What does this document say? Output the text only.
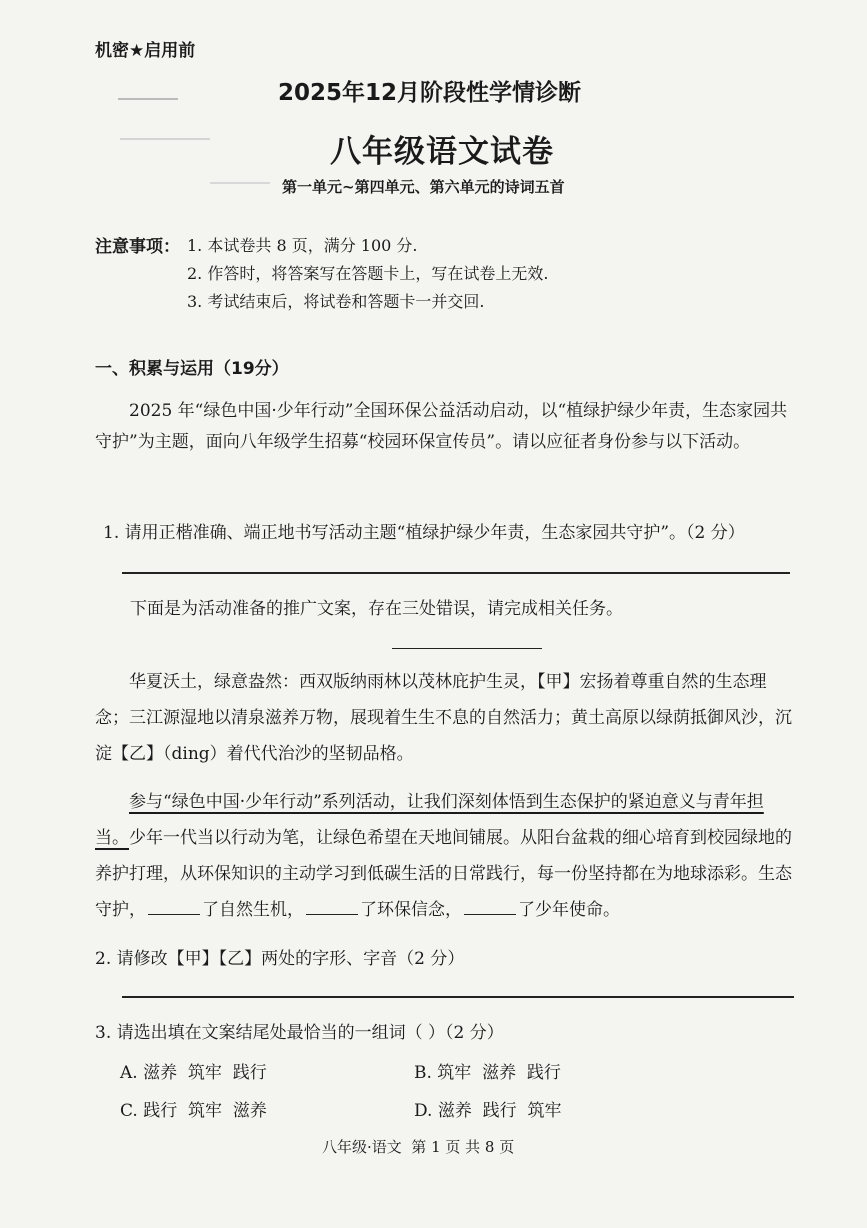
机密★启用前
2025年12月阶段性学情诊断
八年级语文试卷
第一单元~第四单元、第六单元的诗词五首
注意事项： 1. 本试卷共 8 页，满分 100 分.
2. 作答时，将答案写在答题卡上，写在试卷上无效.
3. 考试结束后，将试卷和答题卡一并交回.
一、积累与运用（19分）
2025 年“绿色中国·少年行动”全国环保公益活动启动，以“植绿护绿少年责，生态家园共守护”为主题，面向八年级学生招募“校园环保宣传员”。请以应征者身份参与以下活动。
1. 请用正楷准确、端正地书写活动主题“植绿护绿少年责，生态家园共守护”。（2 分）
下面是为活动准备的推广文案，存在三处错误，请完成相关任务。
华夏沃土，绿意盎然：西双版纳雨林以茂林庇护生灵，【甲】宏扬着尊重自然的生态理念；三江源湿地以清泉滋养万物，展现着生生不息的自然活力；黄土高原以绿荫抵御风沙，沉淀【乙】（ding）着代代治沙的坚韧品格。
参与“绿色中国·少年行动”系列活动，让我们深刻体悟到生态保护的紧迫意义与青年担当。少年一代当以行动为笔，让绿色希望在天地间铺展。从阳台盆栽的细心培育到校园绿地的养护打理，从环保知识的主动学习到低碳生活的日常践行，每一份坚持都在为地球添彩。生态守护，	了自然生机，	了环保信念，	了少年使命。
2. 请修改【甲】【乙】两处的字形、字音（2 分）
3. 请选出填在文案结尾处最恰当的一组词（ ）（2 分）
A. 滋养  筑牢  践行	B. 筑牢  滋养  践行
C. 践行  筑牢  滋养	D. 滋养  践行  筑牢
八年级·语文  第 1 页 共 8 页
